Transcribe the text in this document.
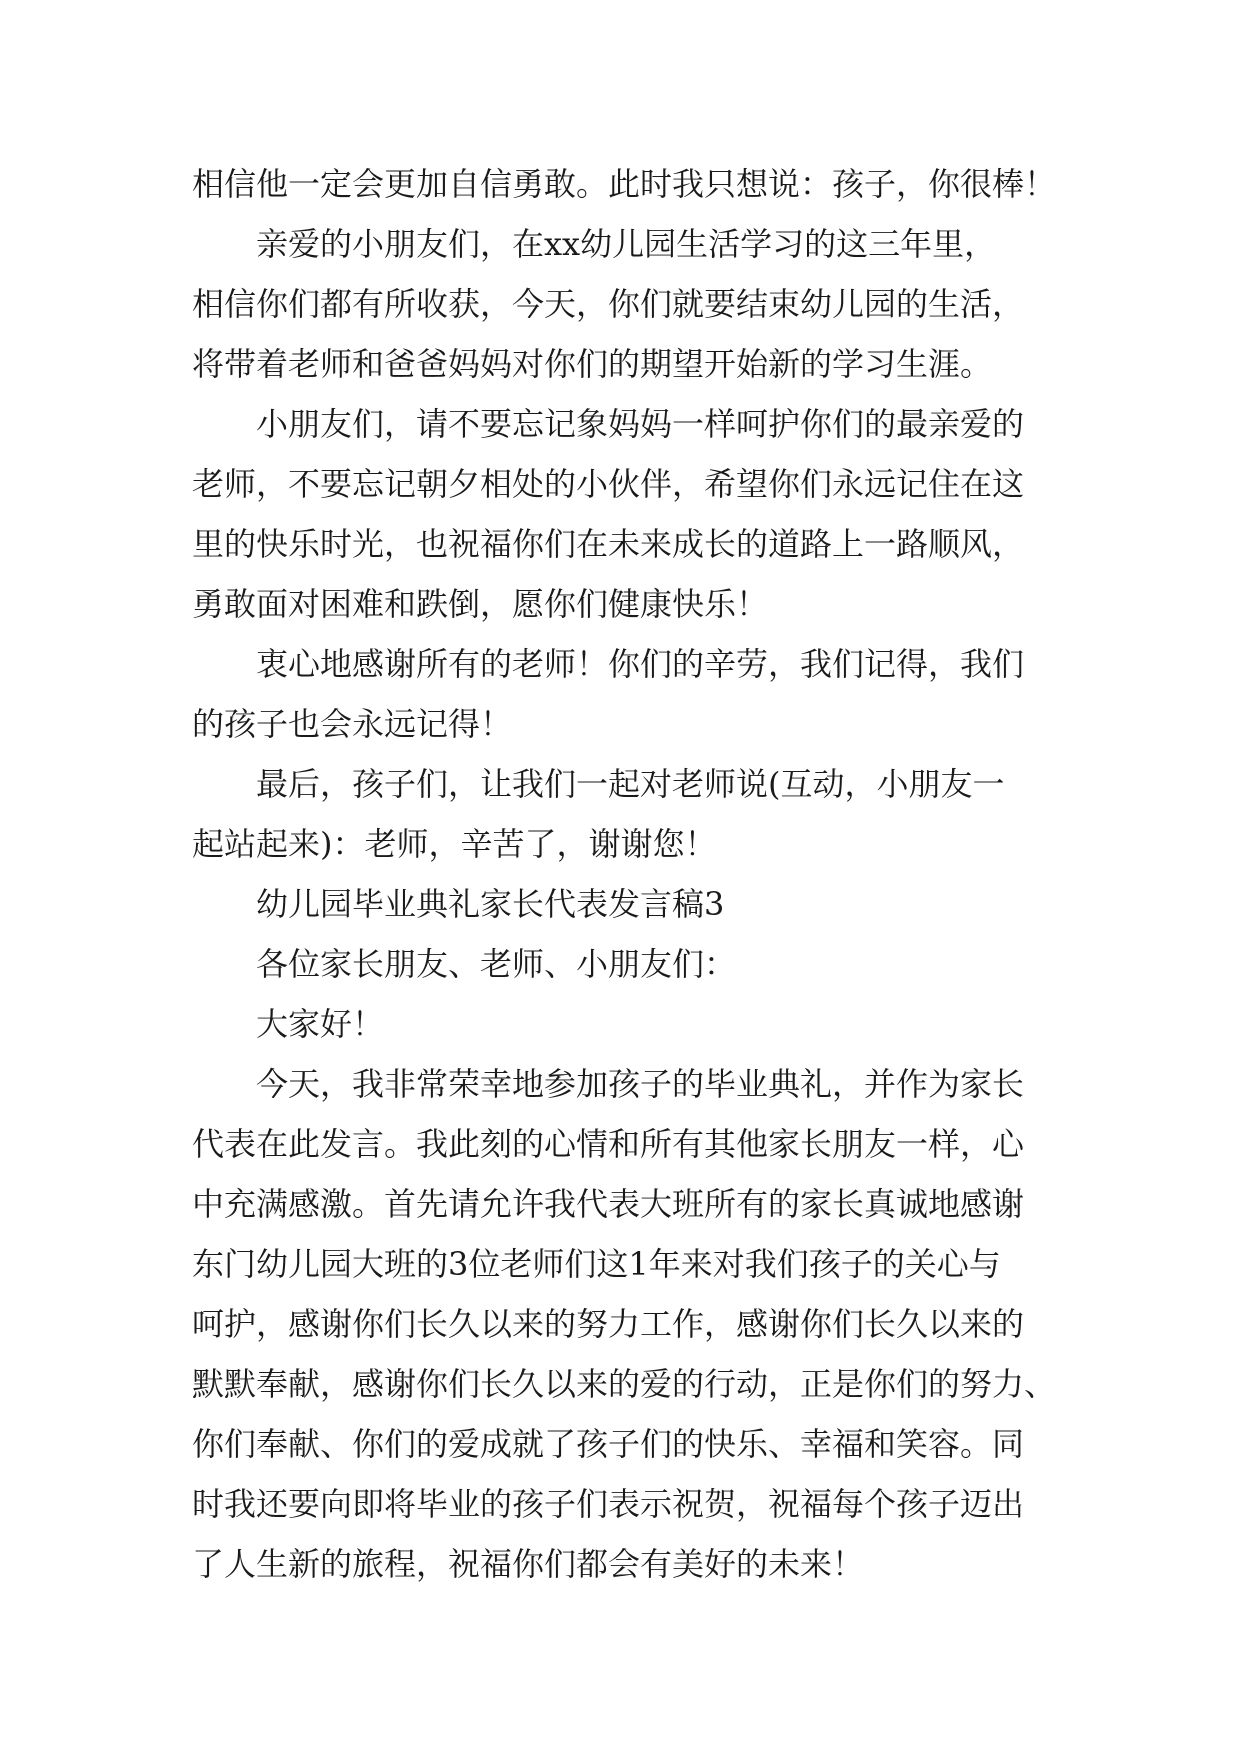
相信他一定会更加自信勇敢。此时我只想说：孩子，你很棒！
亲爱的小朋友们，在xx幼儿园生活学习的这三年里，
相信你们都有所收获，今天，你们就要结束幼儿园的生活，
将带着老师和爸爸妈妈对你们的期望开始新的学习生涯。
小朋友们，请不要忘记象妈妈一样呵护你们的最亲爱的
老师，不要忘记朝夕相处的小伙伴，希望你们永远记住在这
里的快乐时光，也祝福你们在未来成长的道路上一路顺风，
勇敢面对困难和跌倒，愿你们健康快乐！
衷心地感谢所有的老师！你们的辛劳，我们记得，我们
的孩子也会永远记得！
最后，孩子们，让我们一起对老师说(互动，小朋友一
起站起来)：老师，辛苦了，谢谢您！
幼儿园毕业典礼家长代表发言稿3
各位家长朋友、老师、小朋友们：
大家好！
今天，我非常荣幸地参加孩子的毕业典礼，并作为家长
代表在此发言。我此刻的心情和所有其他家长朋友一样，心
中充满感激。首先请允许我代表大班所有的家长真诚地感谢
东门幼儿园大班的3位老师们这1年来对我们孩子的关心与
呵护，感谢你们长久以来的努力工作，感谢你们长久以来的
默默奉献，感谢你们长久以来的爱的行动，正是你们的努力、
你们奉献、你们的爱成就了孩子们的快乐、幸福和笑容。同
时我还要向即将毕业的孩子们表示祝贺，祝福每个孩子迈出
了人生新的旅程，祝福你们都会有美好的未来！
